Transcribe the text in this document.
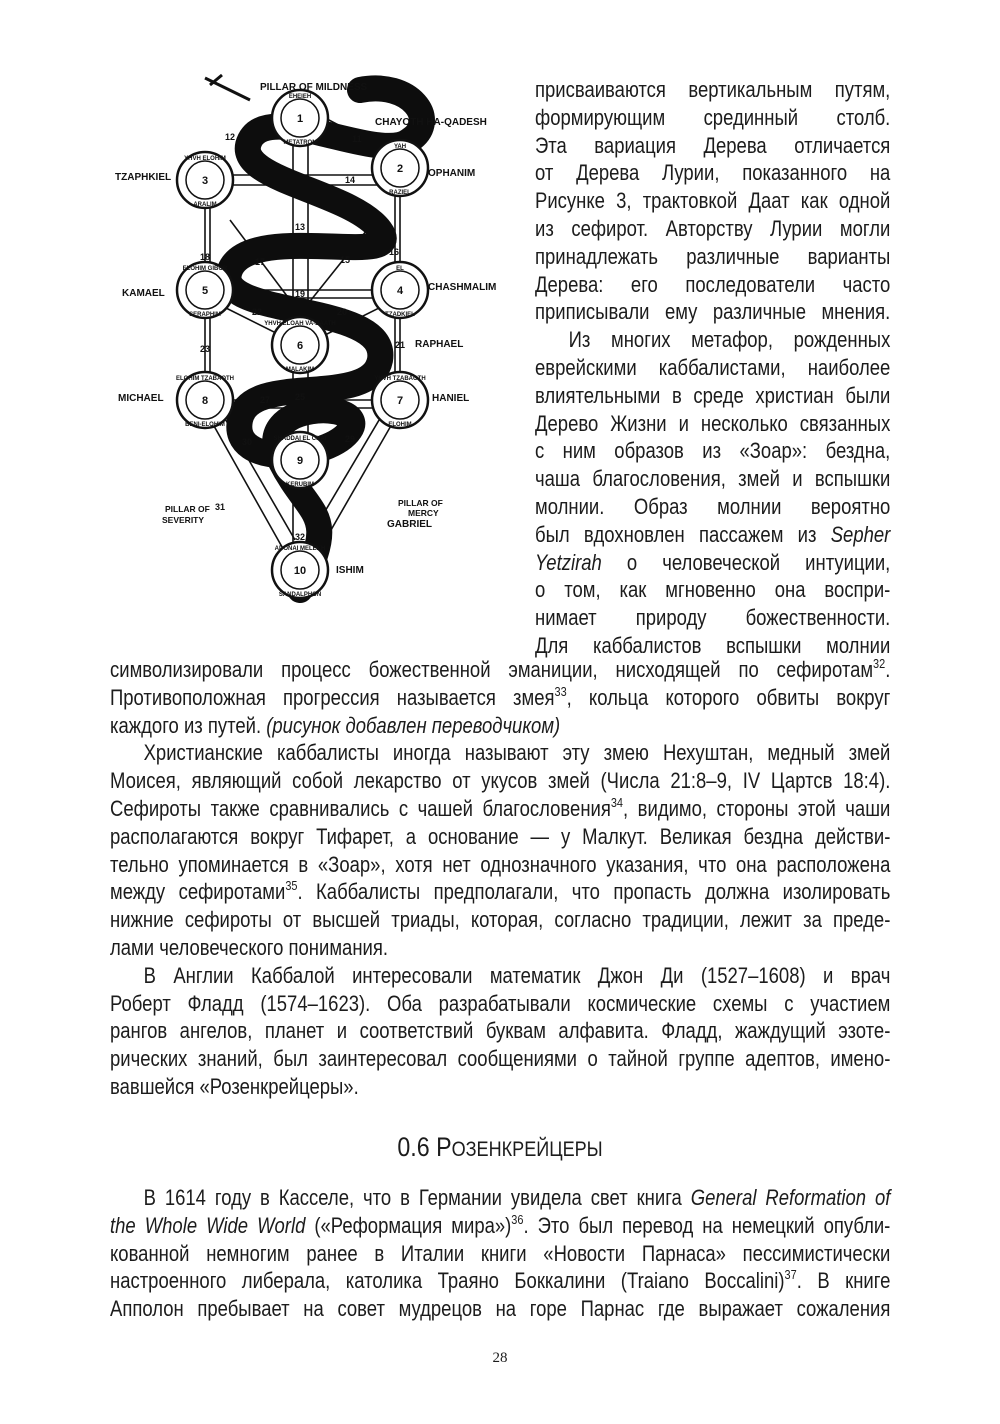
EHEIEH
1
METATRON
YAH
2
RAZIEL
YHVH ELOHIM
3
ARALIM
EL
4
TZADKIEL
ELOHIM GIBOR
5
SERAPHIM
YHVH ELOAH VA-DAATH
6
MALAKIM
YHVH TZABAOTH
7
ELOHIM
ELOHIM TZABAOTH
8
BENI-ELOHIM
SHADDAI EL CHAI
9
KERUBIM
ADONAI MELEKH
10
SANDALPHON
PILLAR OF MILDNESS
CHAYOTH HA-QADESH
TZAPHKIEL	OPHANIM
KAMAEL
CHASHMALIM
RAPHAEL
MICHAEL	HANIEL
PILLAR OF
SEVERITY
PILLAR OF
MERCY
GABRIEL
ISHIM
11
12
13
14
15
16
17
18
19
20
21
22
23
25
27
29
30
31
32
присваиваются вертикальным путям,
формирующим срединный столб.
Эта вариация Дерева отличается
от Дерева Лурии, показанного на
Рисунке 3, трактовкой Даат как одной
из сефирот. Авторству Лурии могли
принадлежать различные варианты
Дерева: его последователи часто
приписывали ему различные мнения.
Из многих метафор, рожденных
еврейскими каббалистами, наиболее
влиятельными в среде христиан были
Дерево Жизни и несколько связанных
с ним образов из «Зоар»: бездна,
чаша благословения, змей и вспышки
молнии. Образ молнии вероятно
был вдохновлен пассажем из Sepher
Yetzirah о человеческой интуиции,
о том, как мгновенно она воспри-
нимает природу божественности.
Для каббалистов вспышки молнии
символизировали процесс божественной эманиции, нисходящей по сефиротам$^{32}$.
Противоположная прогрессия называется змея$^{33}$, кольца которого обвиты вокруг
каждого из путей. (рисунок добавлен переводчиком)
Христианские каббалисты иногда называют эту змею Нехуштан, медный змей
Моисея, являющий собой лекарство от укусов змей (Числа 21:8–9, IV Цартсв 18:4).
Сефироты также сравнивались с чашей благословения$^{34}$, видимо, стороны этой чаши
располагаются вокруг Тифарет, а основание — у Малкут. Великая бездна действи-
тельно упоминается в «Зоар», хотя нет однозначного указания, что она расположена
между сефиротами$^{35}$. Каббалисты предполагали, что пропасть должна изолировать
нижние сефироты от высшей триады, которая, согласно традиции, лежит за преде-
лами человеческого понимания.
В Англии Каббалой интересовали математик Джон Ди (1527–1608) и врач
Роберт Фладд (1574–1623). Оба разрабатывали космические схемы с участием
рангов ангелов, планет и соответствий буквам алфавита. Фладд, жаждущий эзоте-
рических знаний, был заинтересовал сообщениями о тайной группе адептов, имено-
вавшейся «Розенкрейцеры».
0.6 РОЗЕНКРЕЙЦЕРЫ
В 1614 году в Касселе, что в Германии увидела свет книга General Reformation of
the Whole Wide World («Реформация мира»)$^{36}$. Это был перевод на немецкий опубли-
кованной немногим ранее в Италии книги «Новости Парнаса» пессимистически
настроенного либерала, католика Траяно Боккалини (Traiano Boccalini)$^{37}$. В книге
Апполон пребывает на совет мудрецов на горе Парнас где выражает сожаления
28
